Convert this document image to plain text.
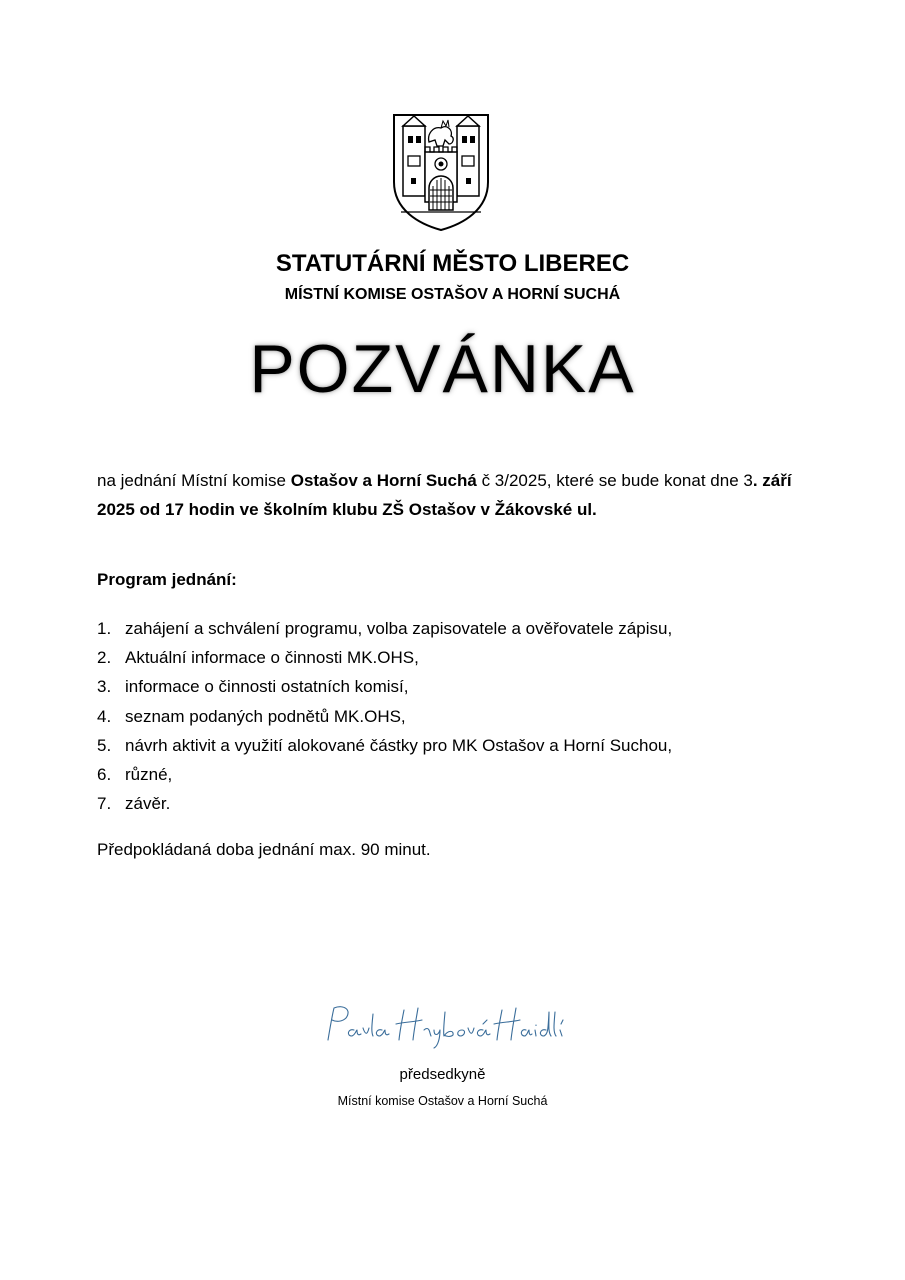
STATUTÁRNÍ MĚSTO LIBEREC
MÍSTNÍ KOMISE OSTAŠOV A HORNÍ SUCHÁ
POZVÁNKA
na jednání Místní komise Ostašov a Horní Suchá č 3/2025, které se bude konat dne 3. září 2025 od 17 hodin ve školním klubu ZŠ Ostašov v Žákovské ul.
Program jednání:
1. zahájení a schválení programu, volba zapisovatele a ověřovatele zápisu,
2. Aktuální informace o činnosti MK.OHS,
3. informace o činnosti ostatních komisí,
4. seznam podaných podnětů MK.OHS,
5. návrh aktivit a využití alokované částky pro MK Ostašov a Horní Suchou,
6. různé,
7. závěr.
Předpokládaná doba jednání max. 90 minut.
předsedkyně
Místní komise Ostašov a Horní Suchá
